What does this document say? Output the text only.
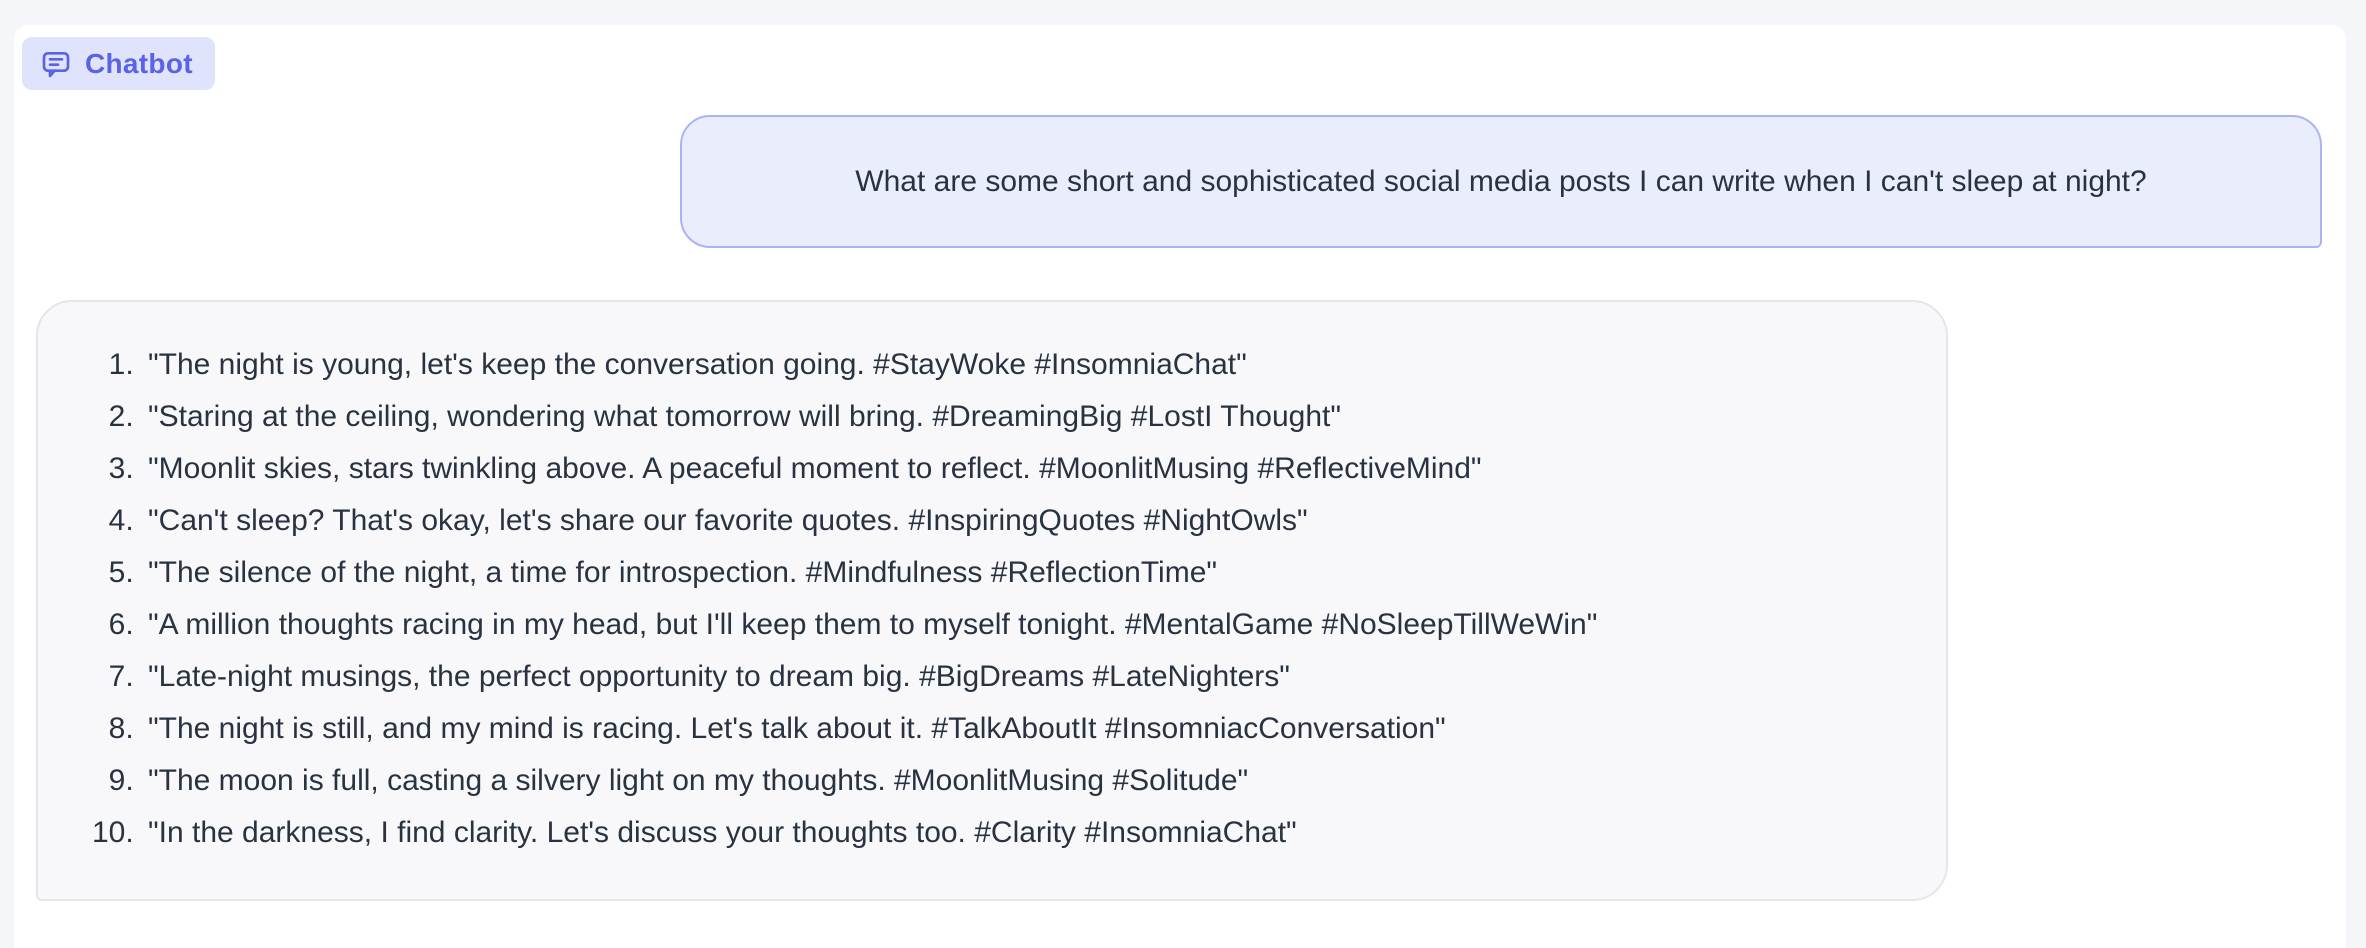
Chatbot
What are some short and sophisticated social media posts I can write when I can't sleep at night?
1. "The night is young, let's keep the conversation going. #StayWoke #InsomniaChat"
2. "Staring at the ceiling, wondering what tomorrow will bring. #DreamingBig #LostI Thought"
3. "Moonlit skies, stars twinkling above. A peaceful moment to reflect. #MoonlitMusing #ReflectiveMind"
4. "Can't sleep? That's okay, let's share our favorite quotes. #InspiringQuotes #NightOwls"
5. "The silence of the night, a time for introspection. #Mindfulness #ReflectionTime"
6. "A million thoughts racing in my head, but I'll keep them to myself tonight. #MentalGame #NoSleepTillWeWin"
7. "Late-night musings, the perfect opportunity to dream big. #BigDreams #LateNighters"
8. "The night is still, and my mind is racing. Let's talk about it. #TalkAboutIt #InsomniacConversation"
9. "The moon is full, casting a silvery light on my thoughts. #MoonlitMusing #Solitude"
10. "In the darkness, I find clarity. Let's discuss your thoughts too. #Clarity #InsomniaChat"
